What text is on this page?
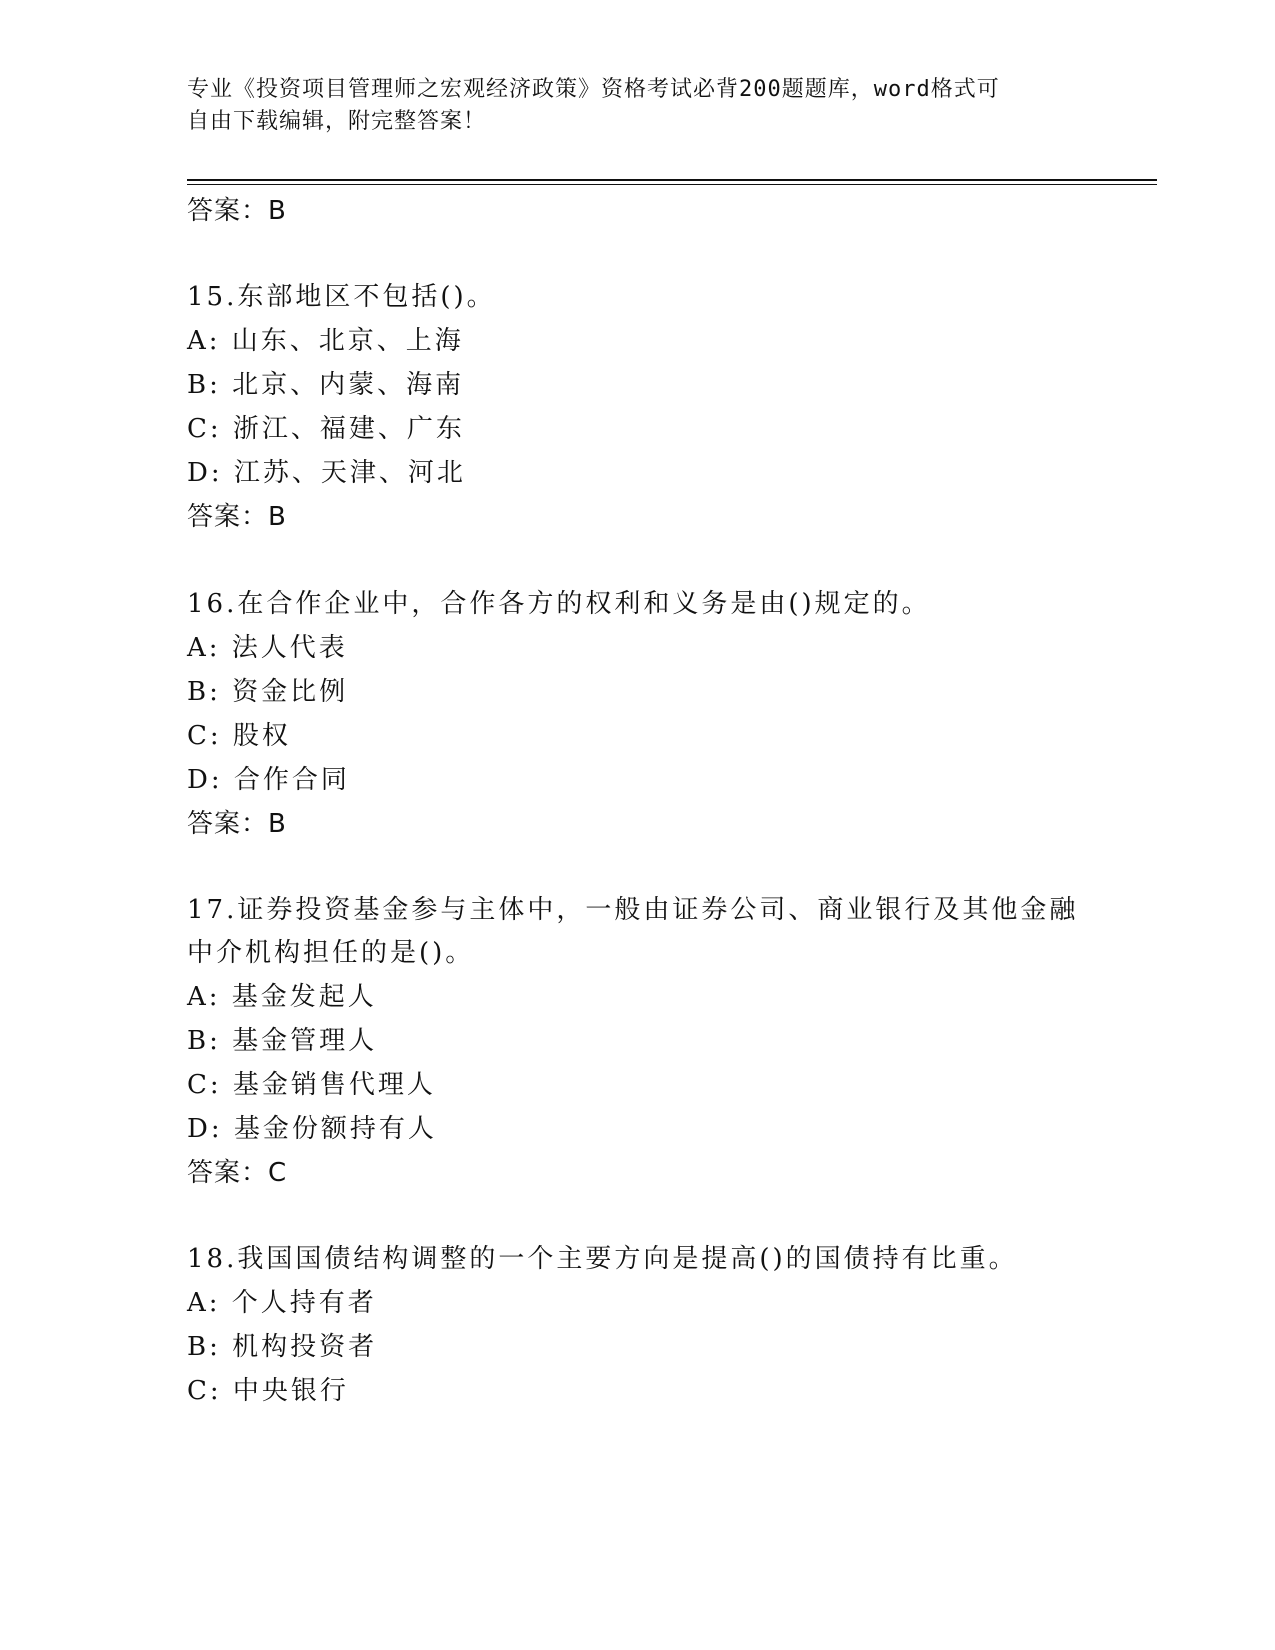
专业《投资项目管理师之宏观经济政策》资格考试必背200题题库，word格式可
自由下载编辑，附完整答案！
答案：B
15.东部地区不包括()。
A: 山东、北京、上海
B: 北京、内蒙、海南
C: 浙江、福建、广东
D: 江苏、天津、河北
答案：B
16.在合作企业中，合作各方的权利和义务是由()规定的。
A: 法人代表
B: 资金比例
C: 股权
D: 合作合同
答案：B
17.证券投资基金参与主体中，一般由证券公司、商业银行及其他金融
中介机构担任的是()。
A: 基金发起人
B: 基金管理人
C: 基金销售代理人
D: 基金份额持有人
答案：C
18.我国国债结构调整的一个主要方向是提高()的国债持有比重。
A: 个人持有者
B: 机构投资者
C: 中央银行
